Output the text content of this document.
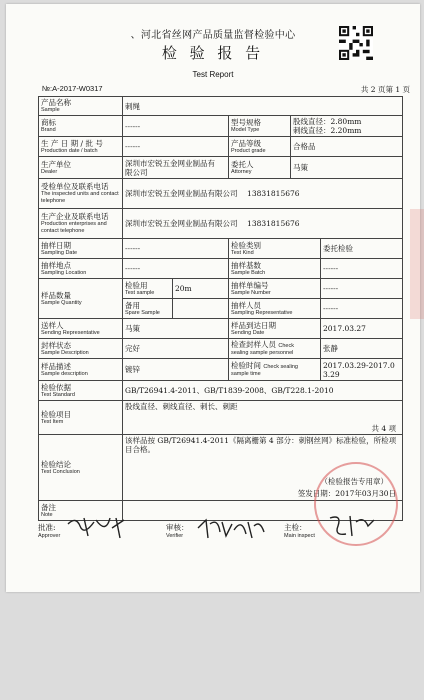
、河北省丝网产品质量监督检验中心
检 验 报 告
Test Report
№:A-2017-W0317	共 2 页第 1 页
产品名称
Sample	刺绳				

商标
Brand	------		型号规格
Model Type	股线直径：2.80mm
刺线直径：2.20mm	

生 产 日 期 / 批 号
Production date / batch	------		产品等级
Product grade	合格品	

生产单位
Dealer	深圳市宏锐五金网业制品有
限公司		委托人
Attorney	马策	

受检单位及联系电话
The inspected units and contact telephone	深圳市宏锐五金网业制品有限公司 13831815676				

生产企业及联系电话
Production enterprises and contact telephone	深圳市宏锐五金网业制品有限公司 13831815676				

抽样日期
Sampling Date	------		检验类别
Test Kind		委托检验

抽样地点
Sampling Location	------		抽样基数
Sample Batch		------

样品数量
Sample Quantity	检验用
Test sample	20m	抽样单编号
Sample Number		------

	备用
Spare Sample		抽样人员
Sampling Representative		------

送样人
Sending Representative	马策		样品到达日期
Sending Date		2017.03.27

封样状态
Sample Description	完好		检查封样人员 Check
sealing sample personnel		张静

样品描述
Sample description	镀锌		检验时间 Check sealing
sample time		2017.03.29-2017.0
3.29

检验依据
Test Standard	GB/T26941.4-2011、GB/T1839-2008、GB/T228.1-2010				

检验项目
Test Item	股线直径、刺线直径、刺长、刺距
共 4 项				

检验结论
Test Conclusion	该样品按 GB/T26941.4-2011《隔离栅第 4 部分：刺钢丝网》标准检验，所检项目合格。
（检验报告专用章）
签发日期：2017年03月30日				

备注
Note					

批准:
Approver
审核：
Verifier
主检：
Main inspect
